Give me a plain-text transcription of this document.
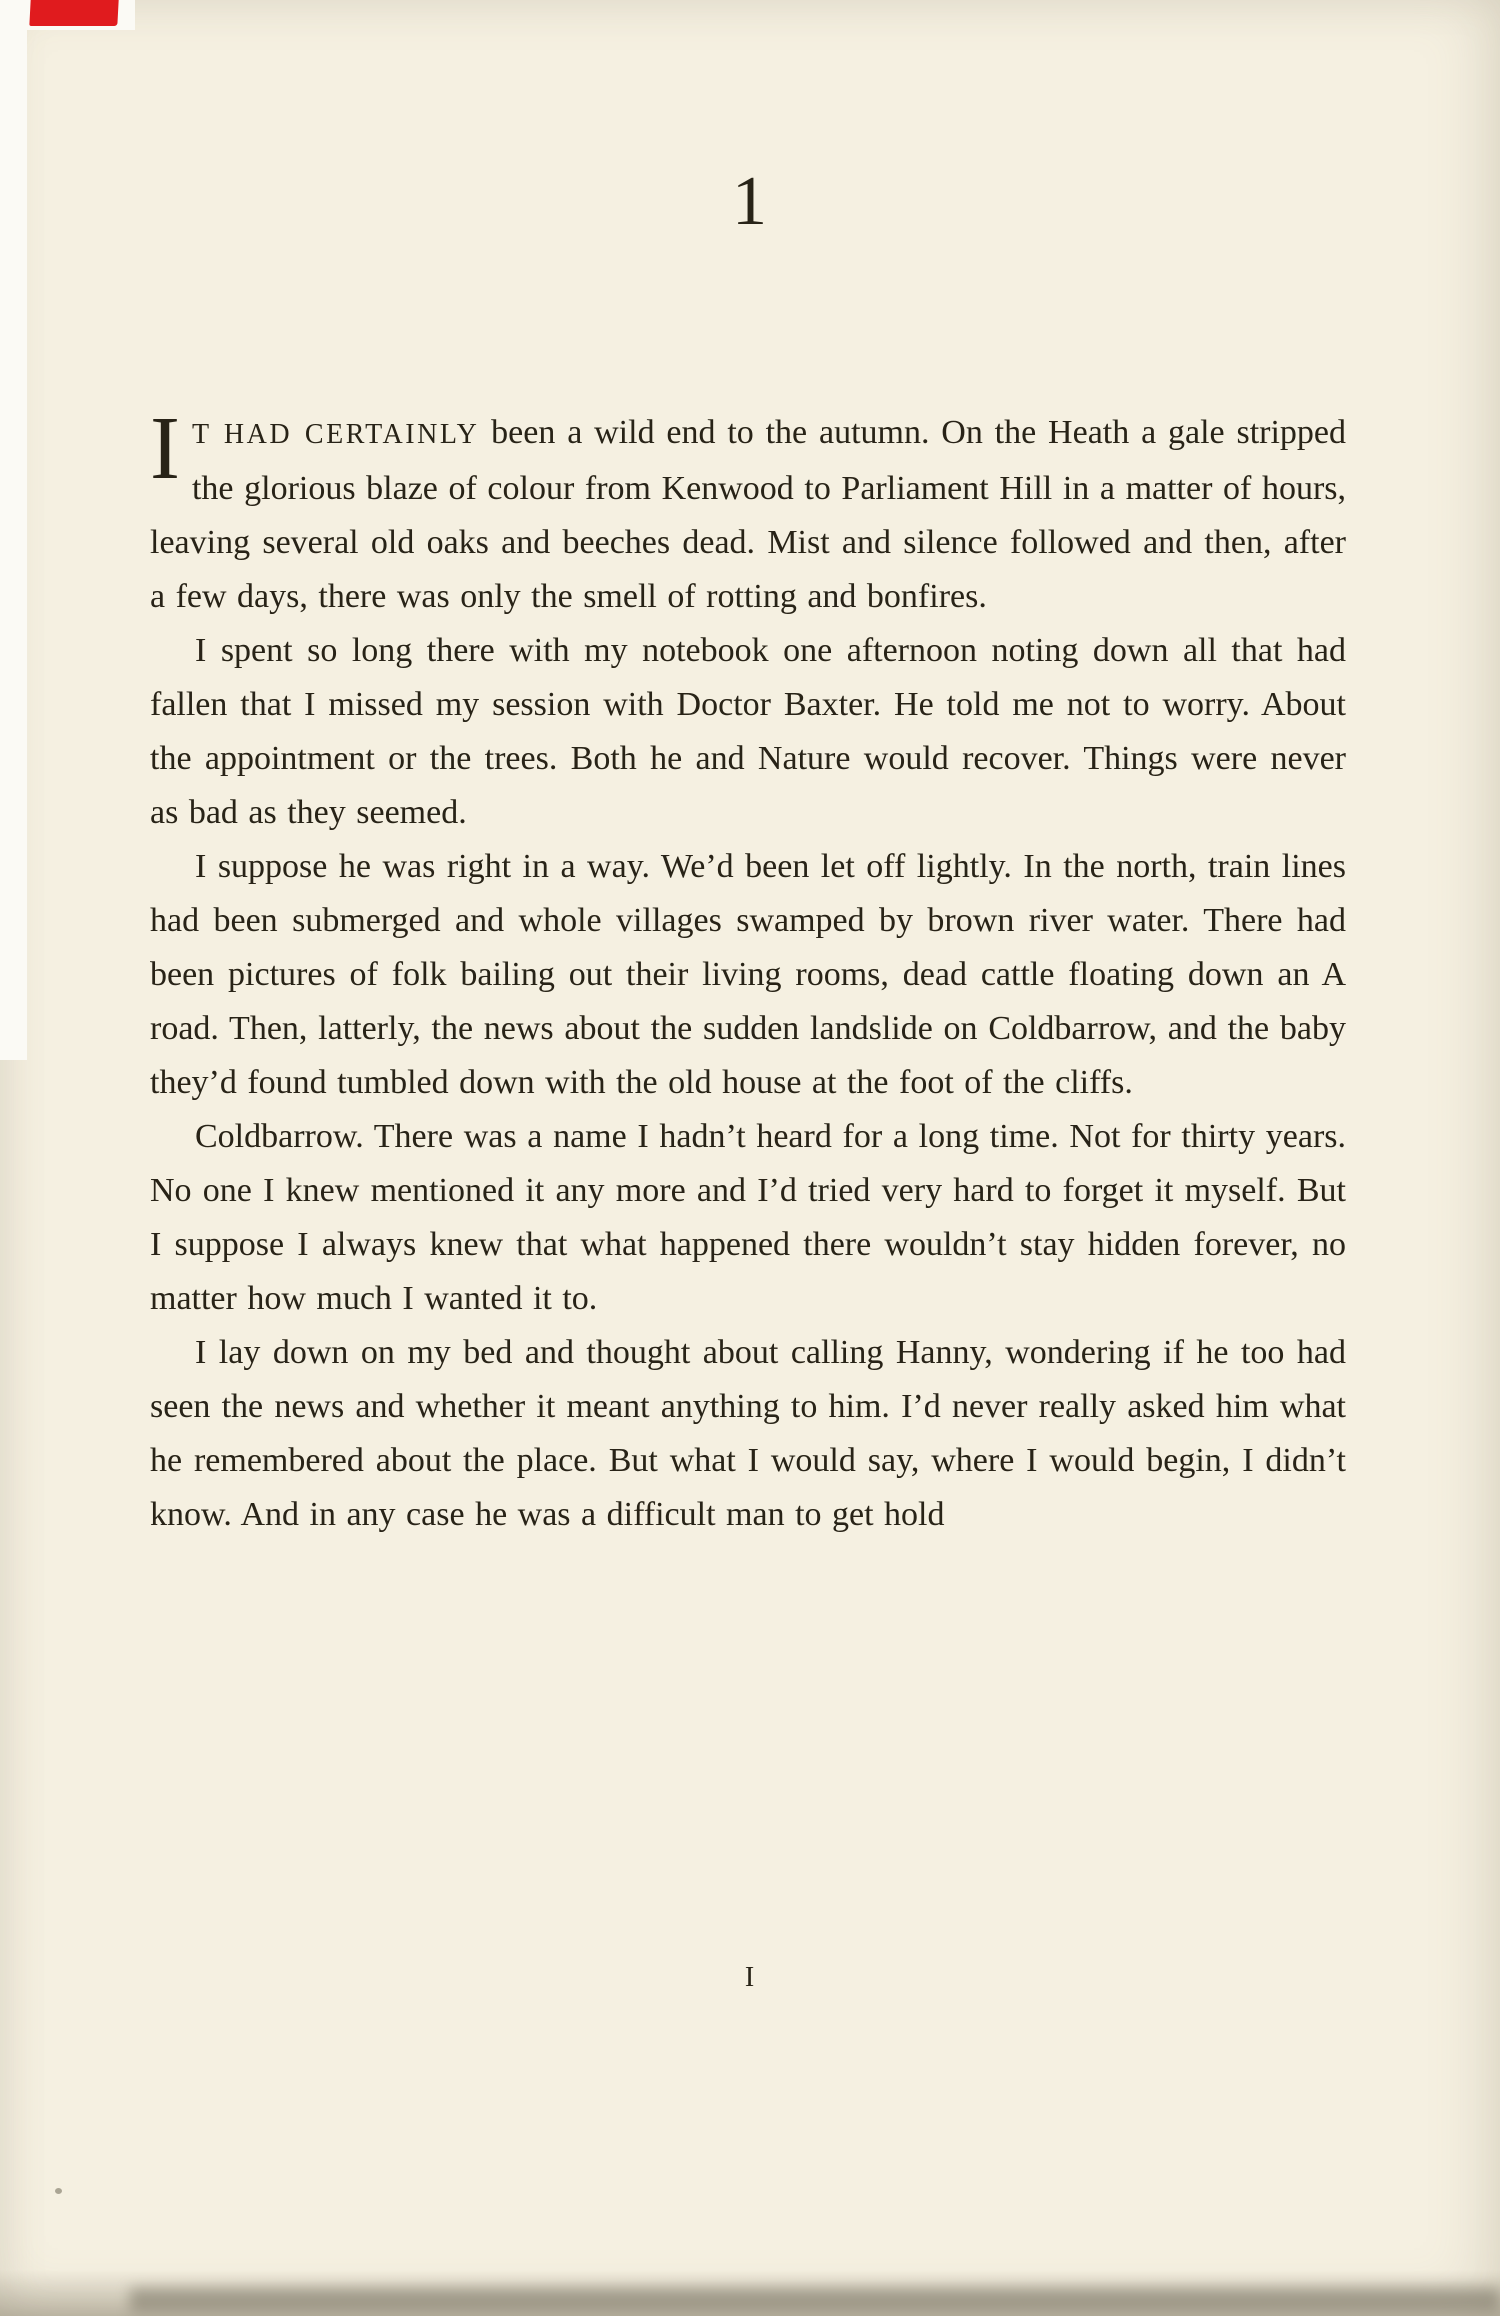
1

I T HAD CERTAINLY been a wild end to the autumn. On the Heath a gale stripped the glorious blaze of colour from Kenwood to Parliament Hill in a matter of hours, leaving several old oaks and beeches dead. Mist and silence followed and then, after a few days, there was only the smell of rotting and bonfires.

I spent so long there with my notebook one afternoon noting down all that had fallen that I missed my session with Doctor Baxter. He told me not to worry. About the appointment or the trees. Both he and Nature would recover. Things were never as bad as they seemed.

I suppose he was right in a way. We’d been let off lightly. In the north, train lines had been submerged and whole villages swamped by brown river water. There had been pictures of folk bailing out their living rooms, dead cattle floating down an A road. Then, latterly, the news about the sudden landslide on Coldbarrow, and the baby they’d found tumbled down with the old house at the foot of the cliffs.

Coldbarrow. There was a name I hadn’t heard for a long time. Not for thirty years. No one I knew mentioned it any more and I’d tried very hard to forget it myself. But I suppose I always knew that what happened there wouldn’t stay hidden forever, no matter how much I wanted it to.

I lay down on my bed and thought about calling Hanny, wondering if he too had seen the news and whether it meant anything to him. I’d never really asked him what he remembered about the place. But what I would say, where I would begin, I didn’t know. And in any case he was a difficult man to get hold

I
